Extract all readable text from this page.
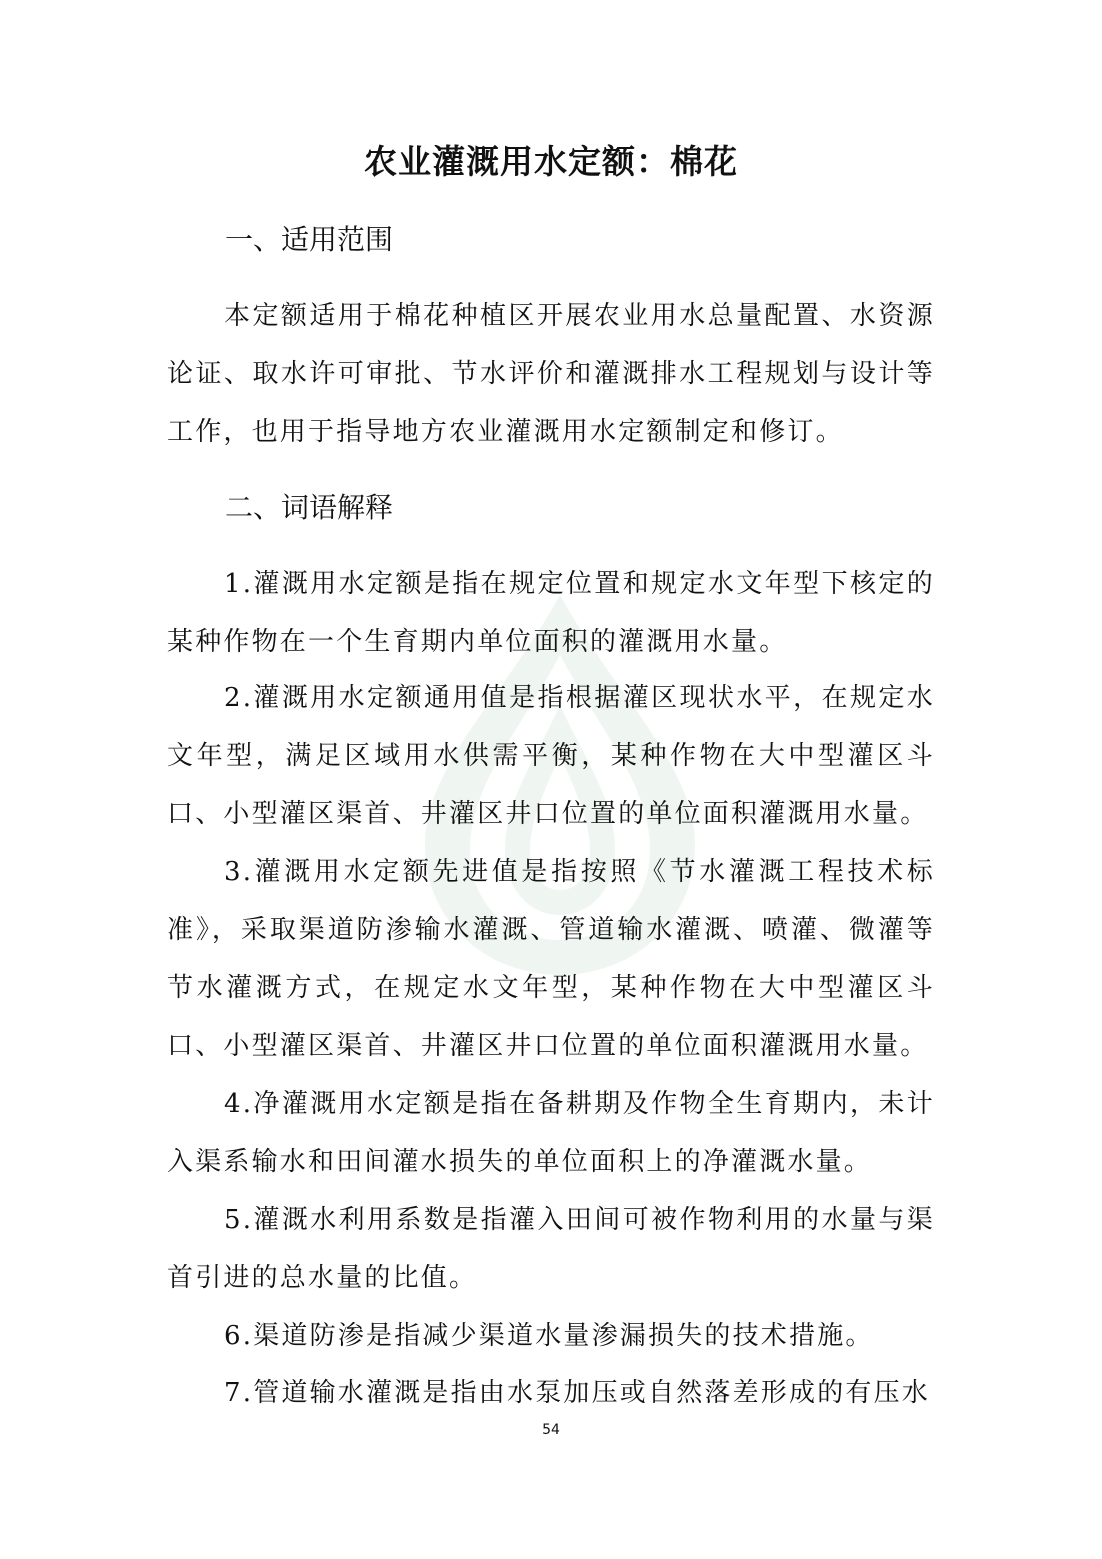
农业灌溉用水定额：棉花
一、适用范围

本定额适用于棉花种植区开展农业用水总量配置、水资源论证、取水许可审批、节水评价和灌溉排水工程规划与设计等工作，也用于指导地方农业灌溉用水定额制定和修订。

二、词语解释

1.灌溉用水定额是指在规定位置和规定水文年型下核定的某种作物在一个生育期内单位面积的灌溉用水量。

2.灌溉用水定额通用值是指根据灌区现状水平，在规定水文年型，满足区域用水供需平衡，某种作物在大中型灌区斗口、小型灌区渠首、井灌区井口位置的单位面积灌溉用水量。

3.灌溉用水定额先进值是指按照《节水灌溉工程技术标准》，采取渠道防渗输水灌溉、管道输水灌溉、喷灌、微灌等节水灌溉方式，在规定水文年型，某种作物在大中型灌区斗口、小型灌区渠首、井灌区井口位置的单位面积灌溉用水量。

4.净灌溉用水定额是指在备耕期及作物全生育期内，未计入渠系输水和田间灌水损失的单位面积上的净灌溉水量。

5.灌溉水利用系数是指灌入田间可被作物利用的水量与渠首引进的总水量的比值。

6.渠道防渗是指减少渠道水量渗漏损失的技术措施。

7.管道输水灌溉是指由水泵加压或自然落差形成的有压水

54
